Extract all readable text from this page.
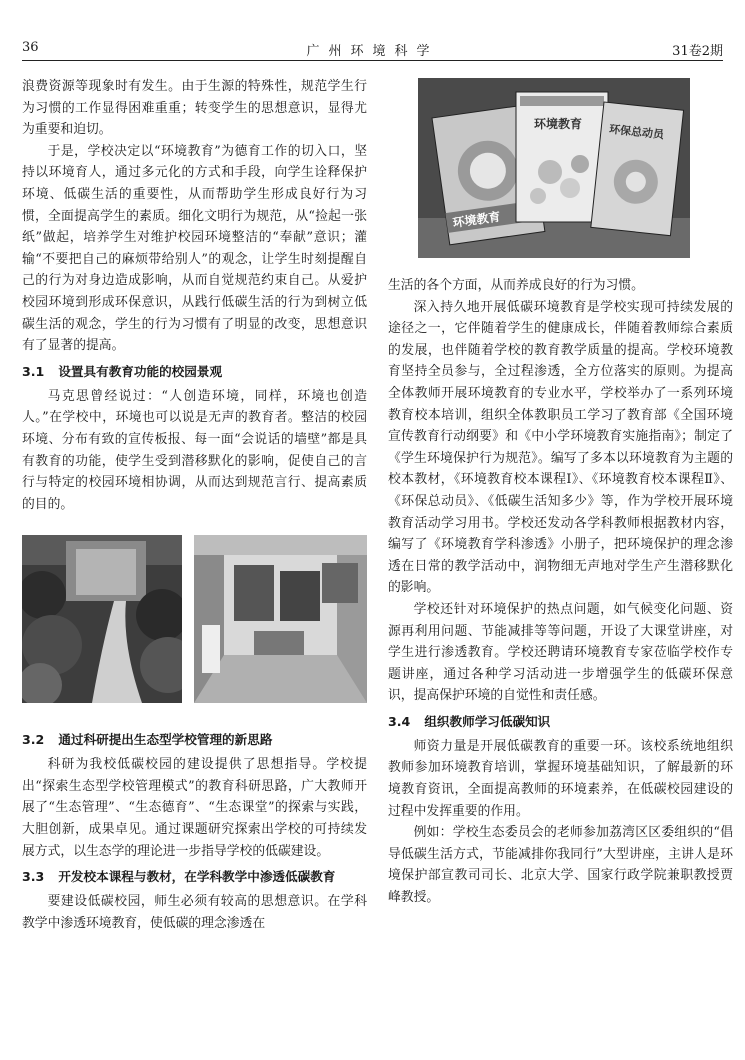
36	广州环境科学	31卷2期
环境教育
环境教育 环保总动员

浪费资源等现象时有发生。由于生源的特殊性，规范学生行为习惯的工作显得困难重重；转变学生的思想意识，显得尤为重要和迫切。

于是，学校决定以“环境教育”为德育工作的切入口，坚持以环境育人，通过多元化的方式和手段，向学生诠释保护环境、低碳生活的重要性，从而帮助学生形成良好行为习惯，全面提高学生的素质。细化文明行为规范，从“捡起一张纸”做起，培养学生对维护校园环境整洁的“奉献”意识；灌输“不要把自己的麻烦带给别人”的观念，让学生时刻提醒自己的行为对身边造成影响，从而自觉规范约束自己。从爱护校园环境到形成环保意识，从践行低碳生活的行为到树立低碳生活的观念，学生的行为习惯有了明显的改变，思想意识有了显著的提高。

3.1 设置具有教育功能的校园景观

马克思曾经说过：“人创造环境，同样，环境也创造人。”在学校中，环境也可以说是无声的教育者。整洁的校园环境、分布有致的宣传板报、每一面“会说话的墙壁”都是具有教育的功能，使学生受到潜移默化的影响，促使自己的言行与特定的校园环境相协调，从而达到规范言行、提高素质的目的。

3.2 通过科研提出生态型学校管理的新思路

科研为我校低碳校园的建设提供了思想指导。学校提出“探索生态型学校管理模式”的教育科研思路，广大教师开展了“生态管理”、“生态德育”、“生态课堂”的探索与实践，大胆创新，成果卓见。通过课题研究探索出学校的可持续发展方式，以生态学的理论进一步指导学校的低碳建设。

3.3 开发校本课程与教材，在学科教学中渗透低碳教育

要建设低碳校园，师生必须有较高的思想意识。在学科教学中渗透环境教育，使低碳的理念渗透在

生活的各个方面，从而养成良好的行为习惯。

深入持久地开展低碳环境教育是学校实现可持续发展的途径之一，它伴随着学生的健康成长，伴随着教师综合素质的发展，也伴随着学校的教育教学质量的提高。学校环境教育坚持全员参与，全过程渗透，全方位落实的原则。为提高全体教师开展环境教育的专业水平，学校举办了一系列环境教育校本培训，组织全体教职员工学习了教育部《全国环境宣传教育行动纲要》和《中小学环境教育实施指南》；制定了《学生环境保护行为规范》。编写了多本以环境教育为主题的校本教材，《环境教育校本课程Ⅰ》、《环境教育校本课程Ⅱ》、《环保总动员》、《低碳生活知多少》等，作为学校开展环境教育活动学习用书。学校还发动各学科教师根据教材内容，编写了《环境教育学科渗透》小册子，把环境保护的理念渗透在日常的教学活动中，润物细无声地对学生产生潜移默化的影响。

学校还针对环境保护的热点问题，如气候变化问题、资源再利用问题、节能减排等等问题，开设了大课堂讲座，对学生进行渗透教育。学校还聘请环境教育专家莅临学校作专题讲座，通过各种学习活动进一步增强学生的低碳环保意识，提高保护环境的自觉性和责任感。

3.4 组织教师学习低碳知识

师资力量是开展低碳教育的重要一环。该校系统地组织教师参加环境教育培训，掌握环境基础知识，了解最新的环境教育资讯，全面提高教师的环境素养，在低碳校园建设的过程中发挥重要的作用。

例如：学校生态委员会的老师参加荔湾区区委组织的“倡导低碳生活方式，节能减排你我同行”大型讲座，主讲人是环境保护部宣教司司长、北京大学、国家行政学院兼职教授贾峰教授。
